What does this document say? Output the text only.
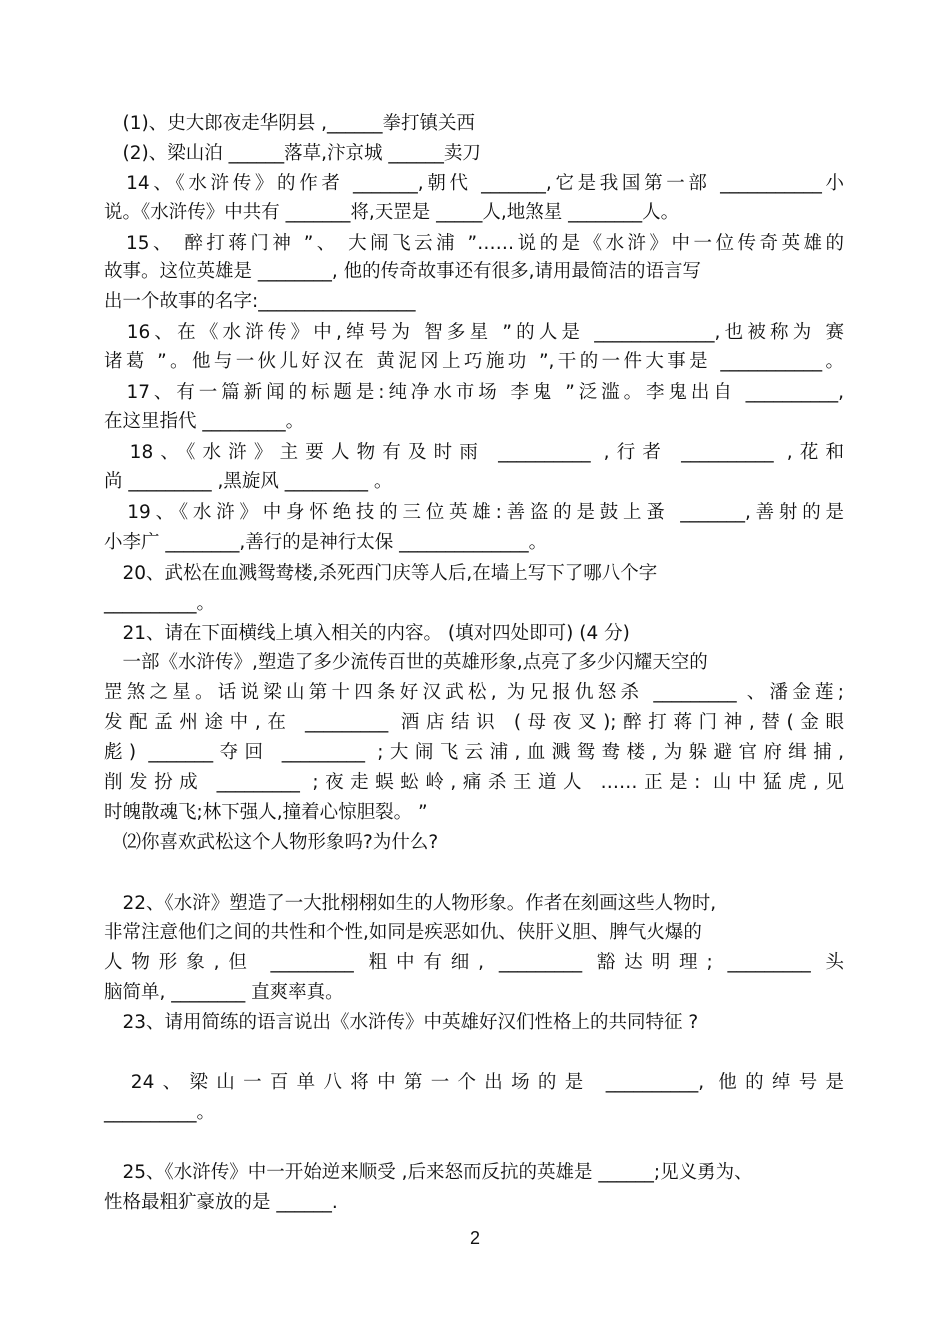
　(1)、史大郎夜走华阴县 ,______拳打镇关西
　(2)、梁山泊 ______落草,汴京城 ______卖刀
　14、《水浒传》的作者 _______,朝代 _______,它是我国第一部 ___________小
说。《水浒传》中共有 _______将,天罡是 _____人,地煞星 ________人。
　15、 醉打蒋门神 ”、 大闹飞云浦 ”……说的是《水浒》中一位传奇英雄的
故事。这位英雄是 ________, 他的传奇故事还有很多,请用最简洁的语言写
出一个故事的名字:_________________
　16、在《水浒传》中,绰号为 智多星 ”的人是 _____________,也被称为 赛
诸葛 ”。他与一伙儿好汉在 黄泥冈上巧施功 ”,干的一件大事是 ___________。
　17、有一篇新闻的标题是:纯净水市场 李鬼 ”泛滥。李鬼出自 __________,
在这里指代 _________。
　18、《水浒》主要人物有及时雨 __________ ,行者 __________ ,花和
尚 _________ ,黑旋风 _________ 。
　19、《水浒》中身怀绝技的三位英雄:善盗的是鼓上蚤 _______,善射的是
小李广 ________,善行的是神行太保 ______________。
　20、武松在血溅鸳鸯楼,杀死西门庆等人后,在墙上写下了哪八个字
__________。
　21、请在下面横线上填入相关的内容。 (填对四处即可) (4 分)
　一部《水浒传》,塑造了多少流传百世的英雄形象,点亮了多少闪耀天空的
罡煞之星。话说梁山第十四条好汉武松, 为兄报仇怒杀 _________ 、潘金莲;
发配孟州途中,在 _________ 酒店结识 (母夜叉);醉打蒋门神,替(金眼
彪) _______夺回 _________ ;大闹飞云浦,血溅鸳鸯楼,为躲避官府缉捕,
削发扮成 _________ ;夜走蜈蚣岭,痛杀王道人 ……正是: 山中猛虎,见
时魄散魂飞;林下强人,撞着心惊胆裂。 ”
　⑵你喜欢武松这个人物形象吗?为什么?
　22、《水浒》塑造了一大批栩栩如生的人物形象。作者在刻画这些人物时,
非常注意他们之间的共性和个性,如同是疾恶如仇、侠肝义胆、脾气火爆的
人物形象,但 _________ 粗中有细, _________ 豁达明理; _________ 头
脑简单, ________ 直爽率真。
　23、请用简练的语言说出《水浒传》中英雄好汉们性格上的共同特征 ?
　24、梁山一百单八将中第一个出场的是 __________, 他的绰号是
__________。
　25、《水浒传》中一开始逆来顺受 ,后来怒而反抗的英雄是 ______;见义勇为、
性格最粗犷豪放的是 ______.
2
